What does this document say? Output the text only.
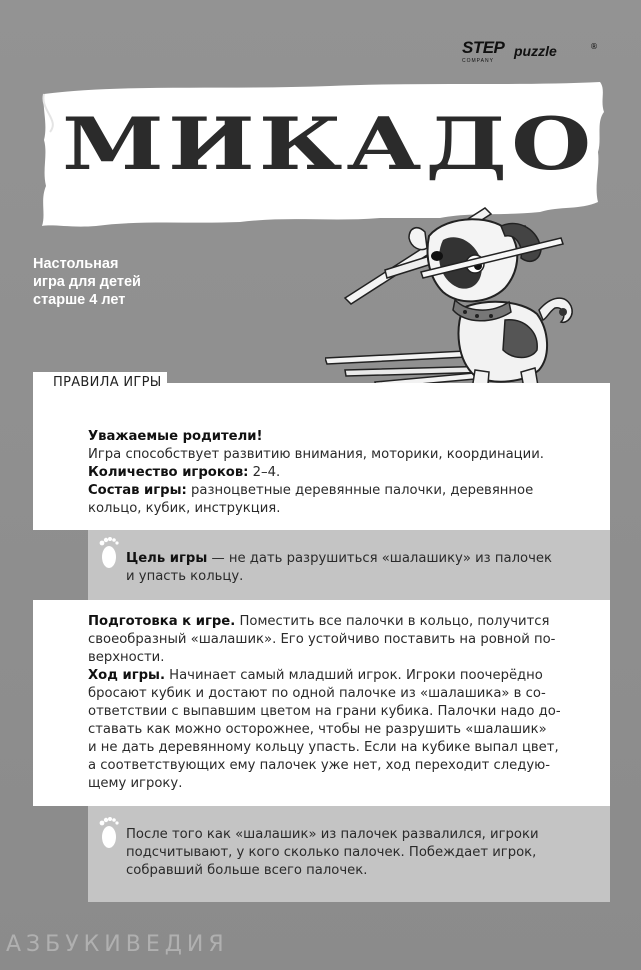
STEP puzzle
COMPANY
®
МИКАДО
Настольная
игра для детей
старше 4 лет
ПРАВИЛА ИГРЫ
Уважаемые родители!
Игра способствует развитию внимания, моторики, координации.
Количество игроков: 2–4.
Состав игры: разноцветные деревянные палочки, деревянное
кольцо, кубик, инструкция.
Цель игры — не дать разрушиться «шалашику» из палочек
и упасть кольцу.
Подготовка к игре. Поместить все палочки в кольцо, получится
своеобразный «шалашик». Его устойчиво поставить на ровной по-
верхности.
Ход игры. Начинает самый младший игрок. Игроки поочерёдно
бросают кубик и достают по одной палочке из «шалашика» в со-
ответствии с выпавшим цветом на грани кубика. Палочки надо до-
ставать как можно осторожнее, чтобы не разрушить «шалашик»
и не дать деревянному кольцу упасть. Если на кубике выпал цвет,
а соответствующих ему палочек уже нет, ход переходит следую-
щему игроку.
После того как «шалашик» из палочек развалился, игроки
подсчитывают, у кого сколько палочек. Побеждает игрок,
собравший больше всего палочек.
АЗБУКИВЕДИЯ
